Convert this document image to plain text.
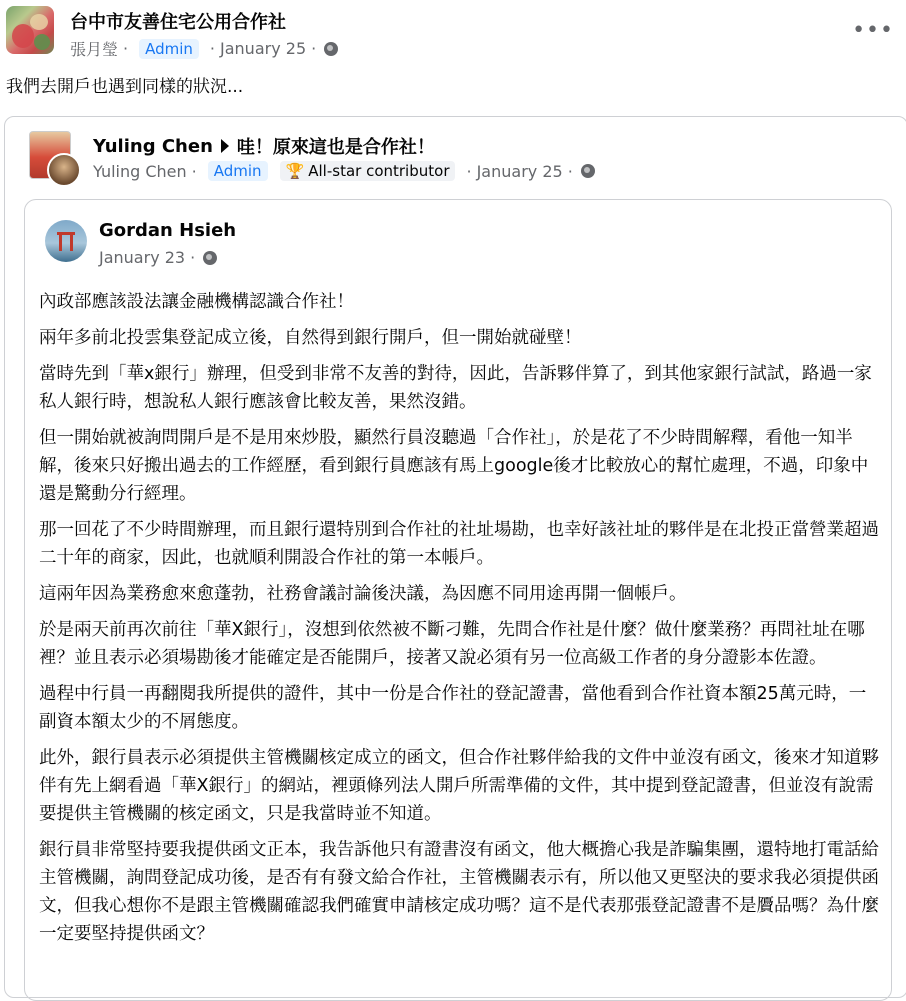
台中市友善住宅公用合作社
張月瑩 ·	Admin	· January 25 ·
•••
我們去開戶也遇到同樣的狀況...
Yuling Chen 哇！原來這也是合作社！
Yuling Chen ·	Admin	🏆 All-star contributor · January 25 ·
Gordan Hsieh
January 23 ·

內政部應該設法讓金融機構認識合作社！

兩年多前北投雲集登記成立後，自然得到銀行開戶，但一開始就碰壁！

當時先到「華x銀行」辦理，但受到非常不友善的對待，因此，告訴夥伴算了，到其他家銀行試試，路過一家私人銀行時，想說私人銀行應該會比較友善，果然沒錯。

但一開始就被詢問開戶是不是用來炒股，顯然行員沒聽過「合作社」，於是花了不少時間解釋，看他一知半解，後來只好搬出過去的工作經歷，看到銀行員應該有馬上google後才比較放心的幫忙處理，不過，印象中還是驚動分行經理。

那一回花了不少時間辦理，而且銀行還特別到合作社的社址場勘，也幸好該社址的夥伴是在北投正當營業超過二十年的商家，因此，也就順利開設合作社的第一本帳戶。

這兩年因為業務愈來愈蓬勃，社務會議討論後決議，為因應不同用途再開一個帳戶。

於是兩天前再次前往「華X銀行」，沒想到依然被不斷刁難，先問合作社是什麼？做什麼業務？再問社址在哪裡？並且表示必須場勘後才能確定是否能開戶，接著又說必須有另一位高級工作者的身分證影本佐證。

過程中行員一再翻閱我所提供的證件，其中一份是合作社的登記證書，當他看到合作社資本額25萬元時，一副資本額太少的不屑態度。

此外，銀行員表示必須提供主管機關核定成立的函文，但合作社夥伴給我的文件中並沒有函文，後來才知道夥伴有先上網看過「華X銀行」的網站，裡頭條列法人開戶所需準備的文件，其中提到登記證書，但並沒有說需要提供主管機關的核定函文，只是我當時並不知道。

銀行員非常堅持要我提供函文正本，我告訴他只有證書沒有函文，他大概擔心我是詐騙集團，還特地打電話給主管機關，詢問登記成功後，是否有有發文給合作社，主管機關表示有，所以他又更堅決的要求我必須提供函文，但我心想你不是跟主管機關確認我們確實申請核定成功嗎？這不是代表那張登記證書不是贗品嗎？為什麼一定要堅持提供函文？
